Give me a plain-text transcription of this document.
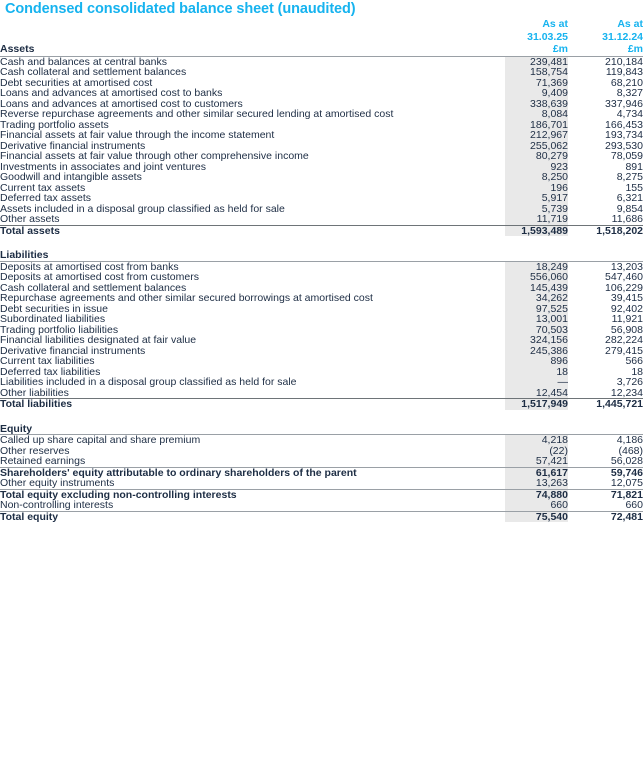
Condensed consolidated balance sheet (unaudited)
	As at	As at
	31.03.25	31.12.24
Assets	£m	£m
Cash and balances at central banks	239,481	210,184
Cash collateral and settlement balances	158,754	119,843
Debt securities at amortised cost	71,369	68,210
Loans and advances at amortised cost to banks	9,409	8,327
Loans and advances at amortised cost to customers	338,639	337,946
Reverse repurchase agreements and other similar secured lending at amortised cost	8,084	4,734
Trading portfolio assets	186,701	166,453
Financial assets at fair value through the income statement	212,967	193,734
Derivative financial instruments	255,062	293,530
Financial assets at fair value through other comprehensive income	80,279	78,059
Investments in associates and joint ventures	923	891
Goodwill and intangible assets	8,250	8,275
Current tax assets	196	155
Deferred tax assets	5,917	6,321
Assets included in a disposal group classified as held for sale	5,739	9,854
Other assets	11,719	11,686
Total assets	1,593,489	1,518,202

Liabilities		
Deposits at amortised cost from banks	18,249	13,203
Deposits at amortised cost from customers	556,060	547,460
Cash collateral and settlement balances	145,439	106,229
Repurchase agreements and other similar secured borrowings at amortised cost	34,262	39,415
Debt securities in issue	97,525	92,402
Subordinated liabilities	13,001	11,921
Trading portfolio liabilities	70,503	56,908
Financial liabilities designated at fair value	324,156	282,224
Derivative financial instruments	245,386	279,415
Current tax liabilities	896	566
Deferred tax liabilities	18	18
Liabilities included in a disposal group classified as held for sale	—	3,726
Other liabilities	12,454	12,234
Total liabilities	1,517,949	1,445,721

Equity		
Called up share capital and share premium	4,218	4,186
Other reserves	(22)	(468)
Retained earnings	57,421	56,028
Shareholders' equity attributable to ordinary shareholders of the parent	61,617	59,746
Other equity instruments	13,263	12,075
Total equity excluding non-controlling interests	74,880	71,821
Non-controlling interests	660	660
Total equity	75,540	72,481
